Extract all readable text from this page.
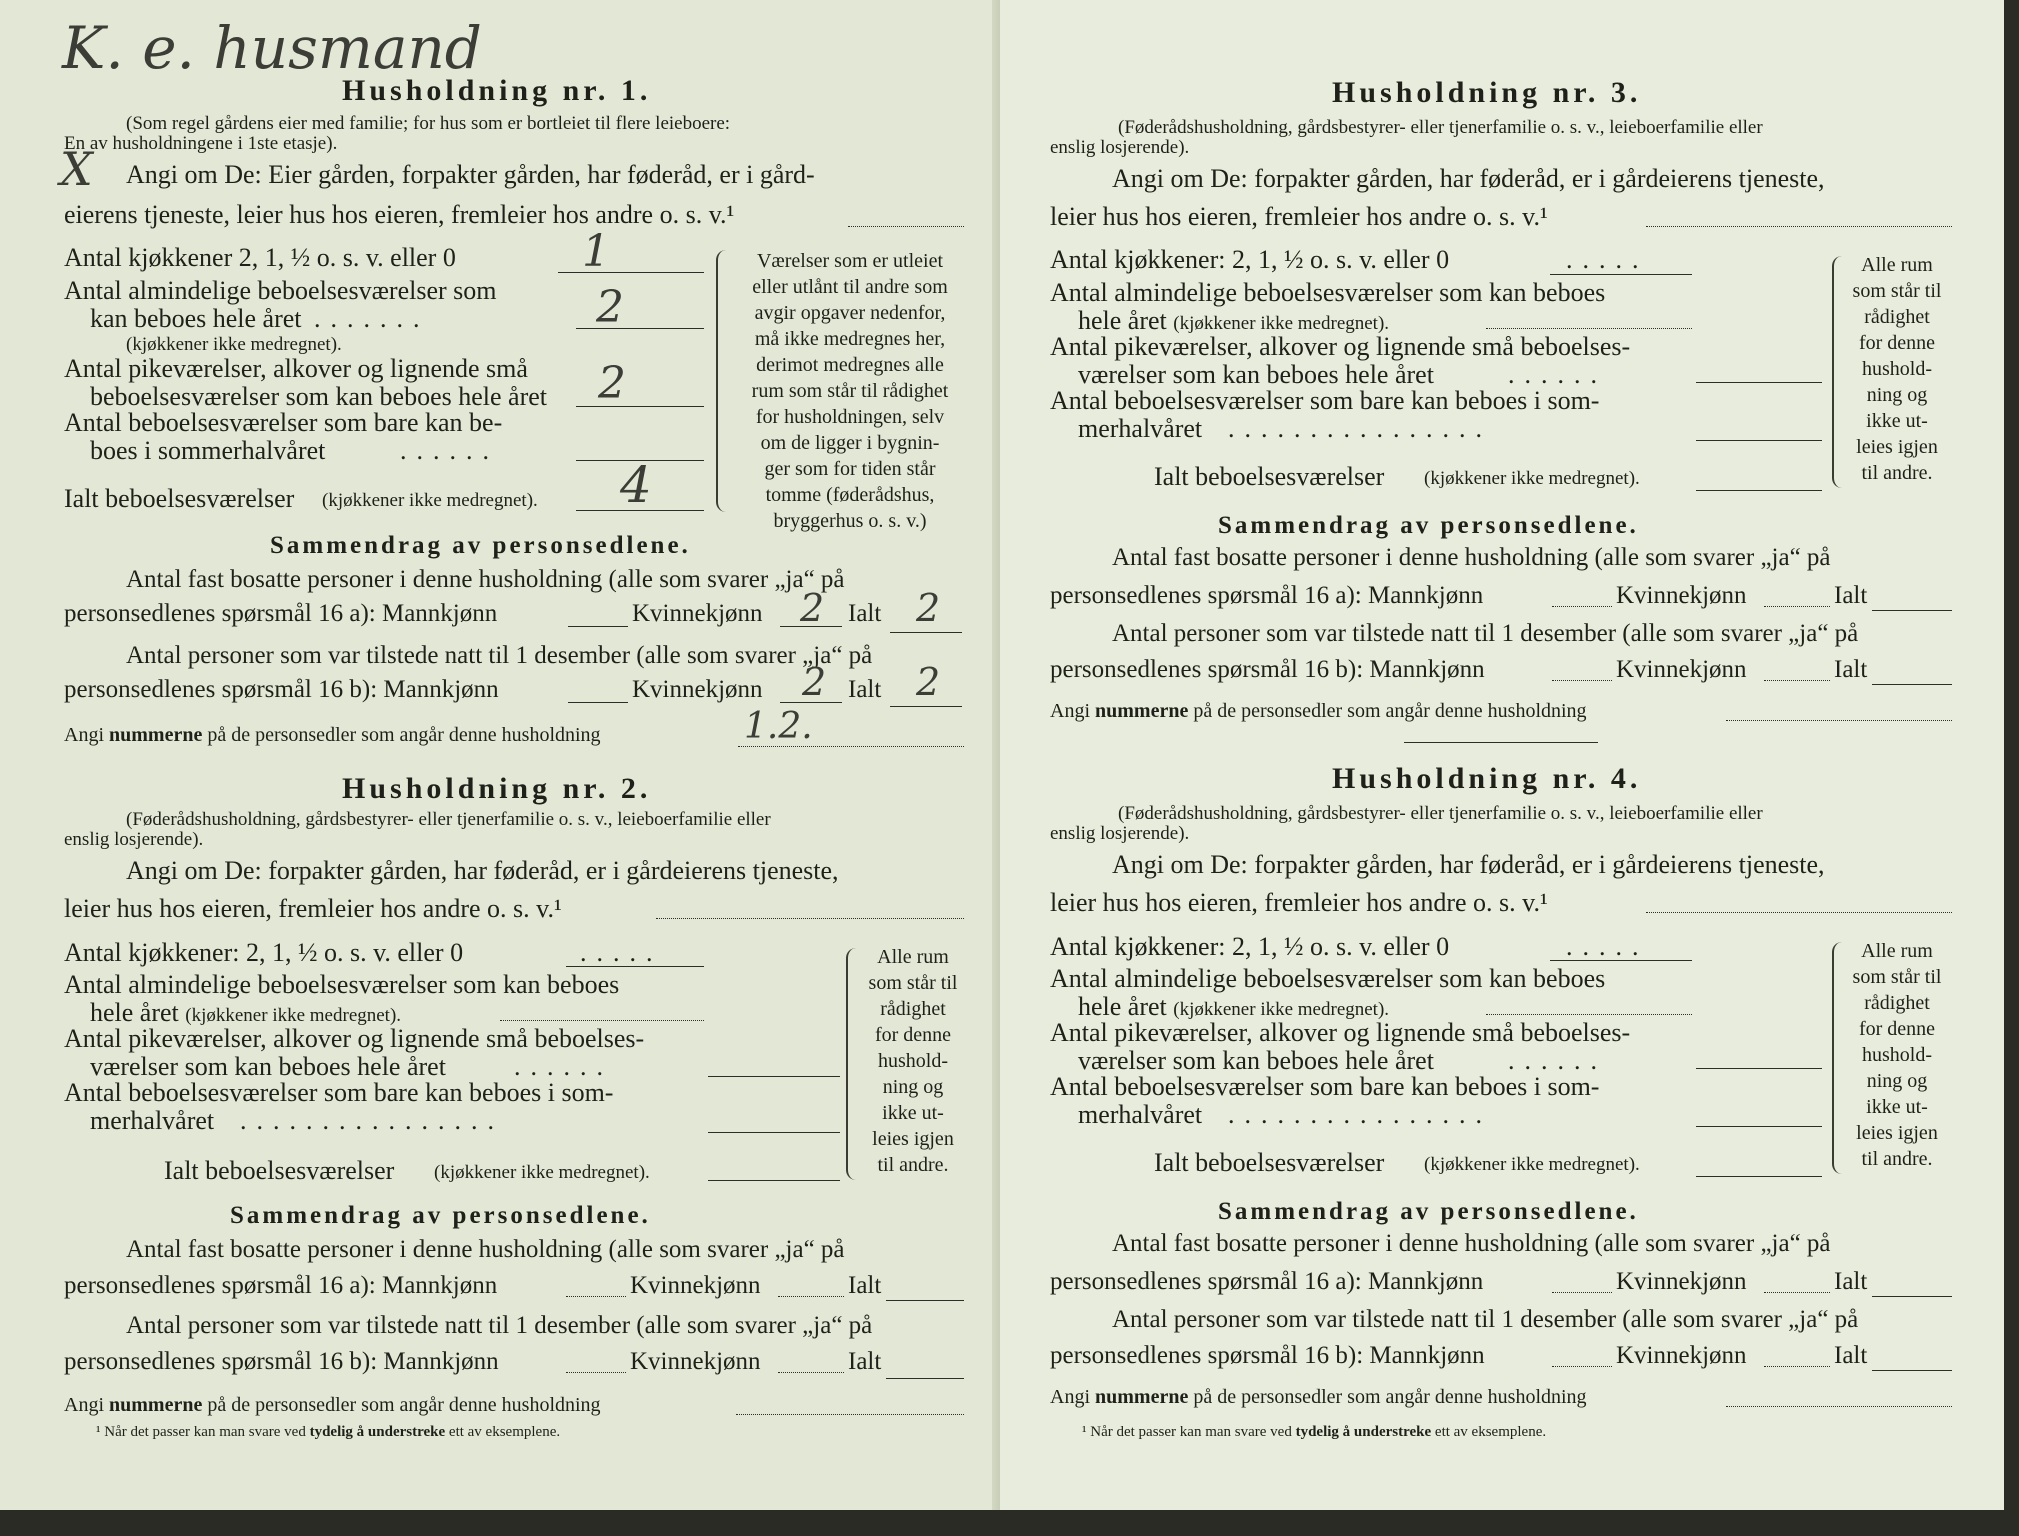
K. e. husmand
X
Husholdning nr. 1.
(Som regel gårdens eier med familie; for hus som er bortleiet til flere leieboere:
En av husholdningene i 1ste etasje).
Angi om De: Eier gården, forpakter gården, har føderåd, er i gård-
eierens tjeneste, leier hus hos eieren, fremleier hos andre o. s. v.¹
Antal kjøkkener 2, 1, ½ o. s. v. eller 0	1
Antal almindelige beboelsesværelser som
kan beboes hele året .......
(kjøkkener ikke medregnet).
2
Antal pikeværelser, alkover og lignende små
beboelsesværelser som kan beboes hele året 2
Antal beboelsesværelser som bare kan be-
boes i sommerhalvåret	......
Ialt beboelsesværelser (kjøkkener ikke medregnet). 4
Værelser som er utleiet
eller utlånt til andre som
avgir opgaver nedenfor,
må ikke medregnes her,
derimot medregnes alle
rum som står til rådighet
for husholdningen, selv
om de ligger i bygnin-
ger som for tiden står
tomme (føderådshus,
bryggerhus o. s. v.)
Sammendrag av personsedlene.
Antal fast bosatte personer i denne husholdning (alle som svarer „ja“ på
personsedlenes spørsmål 16 a): Mannkjønn	Kvinnekjønn 2 Ialt 2
Antal personer som var tilstede natt til 1 desember (alle som svarer „ja“ på
personsedlenes spørsmål 16 b): Mannkjønn	Kvinnekjønn 2 Ialt 2
Angi nummerne på de personsedler som angår denne husholdning	1.2.
Husholdning nr. 2.
(Føderådshusholdning, gårdsbestyrer- eller tjenerfamilie o. s. v., leieboerfamilie eller
enslig losjerende).
Angi om De: forpakter gården, har føderåd, er i gårdeierens tjeneste,
leier hus hos eieren, fremleier hos andre o. s. v.¹
Antal kjøkkener: 2, 1, ½ o. s. v. eller 0	.....
Antal almindelige beboelsesværelser som kan beboes
hele året (kjøkkener ikke medregnet).
Antal pikeværelser, alkover og lignende små beboelses-
værelser som kan beboes hele året	......
Antal beboelsesværelser som bare kan beboes i som-
merhalvåret ................
Ialt beboelsesværelser (kjøkkener ikke medregnet).
Alle rum
som står til
rådighet
for denne
hushold-
ning og
ikke ut-
leies igjen
til andre.
Sammendrag av personsedlene.
Antal fast bosatte personer i denne husholdning (alle som svarer „ja“ på
personsedlenes spørsmål 16 a): Mannkjønn	Kvinnekjønn	Ialt
Antal personer som var tilstede natt til 1 desember (alle som svarer „ja“ på
personsedlenes spørsmål 16 b): Mannkjønn	Kvinnekjønn	Ialt
Angi nummerne på de personsedler som angår denne husholdning
¹ Når det passer kan man svare ved tydelig å understreke ett av eksemplene.
Husholdning nr. 3.
(Føderådshusholdning, gårdsbestyrer- eller tjenerfamilie o. s. v., leieboerfamilie eller
enslig losjerende).
Angi om De: forpakter gården, har føderåd, er i gårdeierens tjeneste,
leier hus hos eieren, fremleier hos andre o. s. v.¹
Antal kjøkkener: 2, 1, ½ o. s. v. eller 0	.....
Antal almindelige beboelsesværelser som kan beboes
hele året (kjøkkener ikke medregnet).
Antal pikeværelser, alkover og lignende små beboelses-
værelser som kan beboes hele året	......
Antal beboelsesværelser som bare kan beboes i som-
merhalvåret ................
Ialt beboelsesværelser (kjøkkener ikke medregnet).
Alle rum
som står til
rådighet
for denne
hushold-
ning og
ikke ut-
leies igjen
til andre.
Sammendrag av personsedlene.
Antal fast bosatte personer i denne husholdning (alle som svarer „ja“ på
personsedlenes spørsmål 16 a): Mannkjønn	Kvinnekjønn	Ialt
Antal personer som var tilstede natt til 1 desember (alle som svarer „ja“ på
personsedlenes spørsmål 16 b): Mannkjønn	Kvinnekjønn	Ialt
Angi nummerne på de personsedler som angår denne husholdning
Husholdning nr. 4.
(Føderådshusholdning, gårdsbestyrer- eller tjenerfamilie o. s. v., leieboerfamilie eller
enslig losjerende).
Angi om De: forpakter gården, har føderåd, er i gårdeierens tjeneste,
leier hus hos eieren, fremleier hos andre o. s. v.¹
Antal kjøkkener: 2, 1, ½ o. s. v. eller 0	.....
Antal almindelige beboelsesværelser som kan beboes
hele året (kjøkkener ikke medregnet).
Antal pikeværelser, alkover og lignende små beboelses-
værelser som kan beboes hele året	......
Antal beboelsesværelser som bare kan beboes i som-
merhalvåret ................
Ialt beboelsesværelser (kjøkkener ikke medregnet).
Alle rum
som står til
rådighet
for denne
hushold-
ning og
ikke ut-
leies igjen
til andre.
Sammendrag av personsedlene.
Antal fast bosatte personer i denne husholdning (alle som svarer „ja“ på
personsedlenes spørsmål 16 a): Mannkjønn	Kvinnekjønn	Ialt
Antal personer som var tilstede natt til 1 desember (alle som svarer „ja“ på
personsedlenes spørsmål 16 b): Mannkjønn	Kvinnekjønn	Ialt
Angi nummerne på de personsedler som angår denne husholdning
¹ Når det passer kan man svare ved tydelig å understreke ett av eksemplene.
